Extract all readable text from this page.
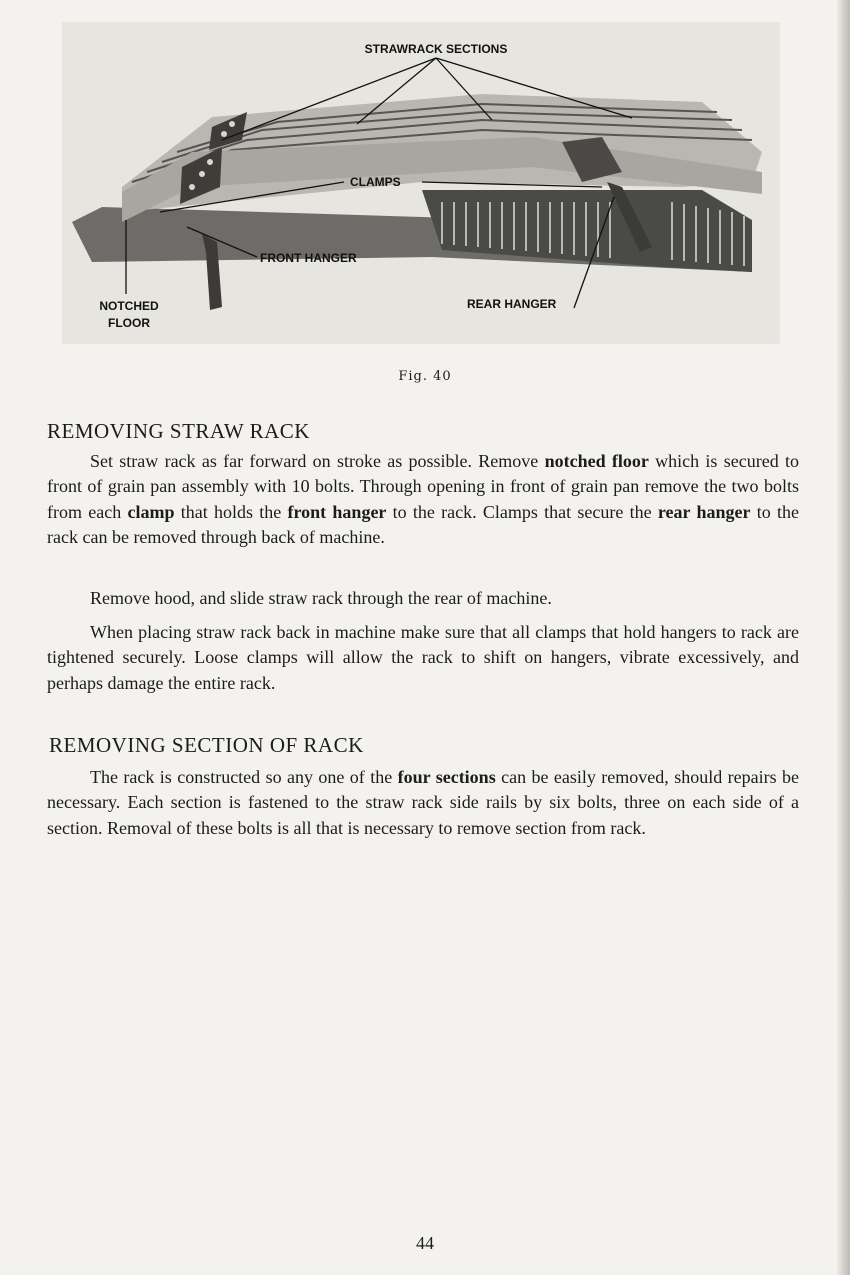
STRAWRACK SECTIONS
CLAMPS
FRONT HANGER
NOTCHED
FLOOR
REAR HANGER
Fig. 40
REMOVING STRAW RACK

Set straw rack as far forward on stroke as possible. Remove notched floor which is secured to front of grain pan assembly with 10 bolts. Through opening in front of grain pan remove the two bolts from each clamp that holds the front hanger to the rack. Clamps that secure the rear hanger to the rack can be removed through back of machine.

Remove hood, and slide straw rack through the rear of machine.

When placing straw rack back in machine make sure that all clamps that hold hangers to rack are tightened securely. Loose clamps will allow the rack to shift on hangers, vibrate excessively, and perhaps damage the entire rack.

REMOVING SECTION OF RACK

The rack is constructed so any one of the four sections can be easily removed, should repairs be necessary. Each section is fastened to the straw rack side rails by six bolts, three on each side of a section. Removal of these bolts is all that is necessary to remove section from rack.

44
